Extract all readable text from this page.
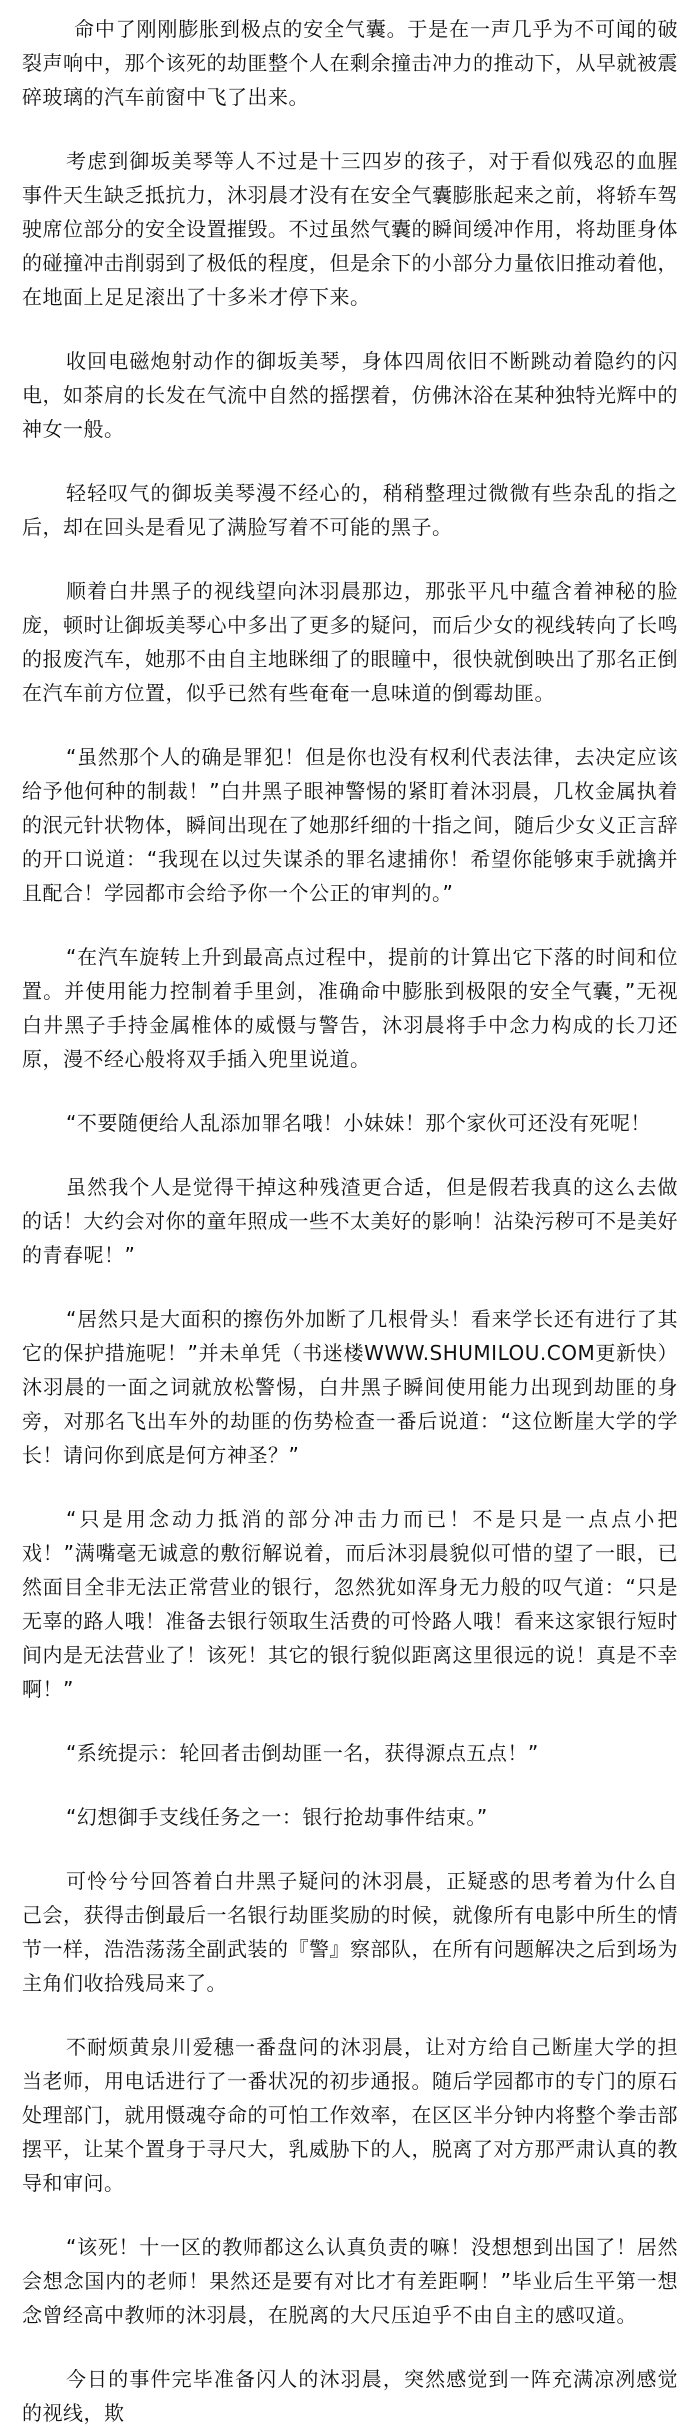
命中了刚刚膨胀到极点的安全气囊。于是在一声几乎为不可闻的破裂声响中，那个该死的劫匪整个人在剩余撞击冲力的推动下，从早就被震碎玻璃的汽车前窗中飞了出来。

考虑到御坂美琴等人不过是十三四岁的孩子，对于看似残忍的血腥事件天生缺乏抵抗力，沐羽晨才没有在安全气囊膨胀起来之前，将轿车驾驶席位部分的安全设置摧毁。不过虽然气囊的瞬间缓冲作用，将劫匪身体的碰撞冲击削弱到了极低的程度，但是余下的小部分力量依旧推动着他，在地面上足足滚出了十多米才停下来。

收回电磁炮射动作的御坂美琴，身体四周依旧不断跳动着隐约的闪电，如茶肩的长发在气流中自然的摇摆着，仿佛沐浴在某种独特光辉中的神女一般。

轻轻叹气的御坂美琴漫不经心的，稍稍整理过微微有些杂乱的指之后，却在回头是看见了满脸写着不可能的黑子。

顺着白井黑子的视线望向沐羽晨那边，那张平凡中蕴含着神秘的脸庞，顿时让御坂美琴心中多出了更多的疑问，而后少女的视线转向了长鸣的报废汽车，她那不由自主地眯细了的眼瞳中，很快就倒映出了那名正倒在汽车前方位置，似乎已然有些奄奄一息味道的倒霉劫匪。

“虽然那个人的确是罪犯！但是你也没有权利代表法律，去决定应该给予他何种的制裁！”白井黑子眼神警惕的紧盯着沐羽晨，几枚金属执着的泯元针状物体，瞬间出现在了她那纤细的十指之间，随后少女义正言辞的开口说道：“我现在以过失谋杀的罪名逮捕你！希望你能够束手就擒并且配合！学园都市会给予你一个公正的审判的。”

“在汽车旋转上升到最高点过程中，提前的计算出它下落的时间和位置。并使用能力控制着手里剑，准确命中膨胀到极限的安全气囊，”无视白井黑子手持金属椎体的威慑与警告，沐羽晨将手中念力构成的长刀还原，漫不经心般将双手插入兜里说道。

“不要随便给人乱添加罪名哦！小妹妹！那个家伙可还没有死呢！

虽然我个人是觉得干掉这种残渣更合适，但是假若我真的这么去做的话！大约会对你的童年照成一些不太美好的影响！沾染污秽可不是美好的青春呢！”

“居然只是大面积的擦伤外加断了几根骨头！看来学长还有进行了其它的保护措施呢！”并未单凭（书迷楼WWW.SHUMILOU.COM更新快）沐羽晨的一面之词就放松警惕，白井黑子瞬间使用能力出现到劫匪的身旁，对那名飞出车外的劫匪的伤势检查一番后说道：“这位断崖大学的学长！请问你到底是何方神圣？”

“只是用念动力抵消的部分冲击力而已！不是只是一点点小把戏！”满嘴毫无诚意的敷衍解说着，而后沐羽晨貌似可惜的望了一眼，已然面目全非无法正常营业的银行，忽然犹如浑身无力般的叹气道：“只是无辜的路人哦！准备去银行领取生活费的可怜路人哦！看来这家银行短时间内是无法营业了！该死！其它的银行貌似距离这里很远的说！真是不幸啊！”

“系统提示：轮回者击倒劫匪一名，获得源点五点！”

“幻想御手支线任务之一：银行抢劫事件结束。”

可怜兮兮回答着白井黑子疑问的沐羽晨，正疑惑的思考着为什么自己会，获得击倒最后一名银行劫匪奖励的时候，就像所有电影中所生的情节一样，浩浩荡荡全副武装的『警』察部队，在所有问题解决之后到场为主角们收拾残局来了。

不耐烦黄泉川爱穗一番盘问的沐羽晨，让对方给自己断崖大学的担当老师，用电话进行了一番状况的初步通报。随后学园都市的专门的原石处理部门，就用慑魂夺命的可怕工作效率，在区区半分钟内将整个拳击部摆平，让某个置身于寻尺大，乳威胁下的人，脱离了对方那严肃认真的教导和审问。

“该死！十一区的教师都这么认真负责的嘛！没想想到出国了！居然会想念国内的老师！果然还是要有对比才有差距啊！”毕业后生平第一想念曾经高中教师的沐羽晨，在脱离的大尺压迫乎不由自主的感叹道。

今日的事件完毕准备闪人的沐羽晨，突然感觉到一阵充满凉冽感觉的视线，欺
